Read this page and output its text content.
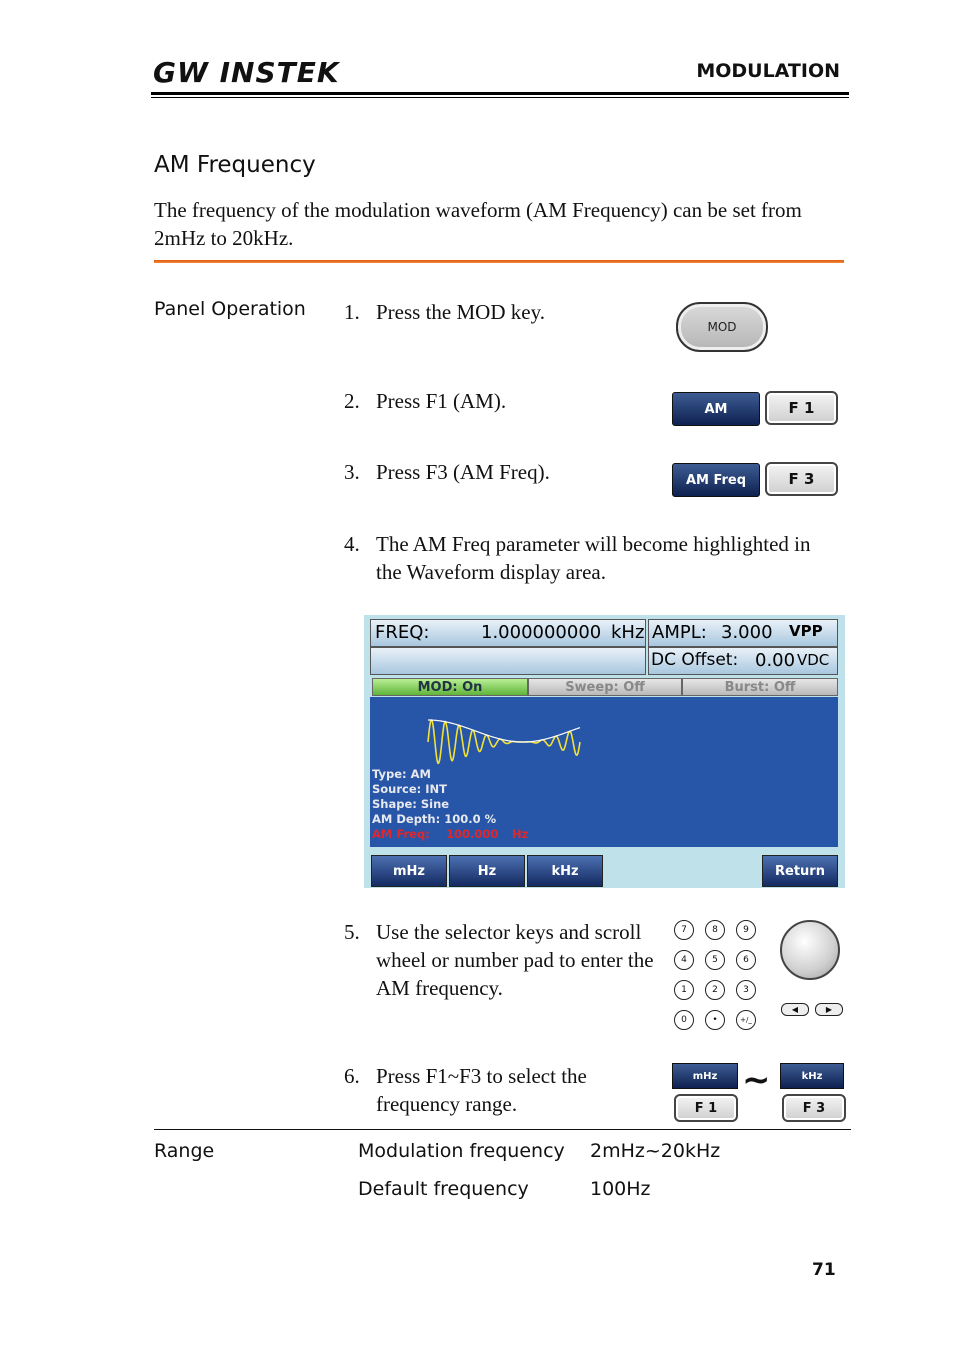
GW INSTEK	MODULATION
AM Frequency
The frequency of the modulation waveform (AM Frequency) can be set from 2mHz to 20kHz.
Panel Operation 1. Press the MOD key.
2. Press F1 (AM).
3. Press F3 (AM Freq).
4. The AM Freq parameter will become highlighted in the Waveform display area.
5. Use the selector keys and scroll wheel or number pad to enter the AM frequency.
6. Press F1~F3 to select the frequency range.
MOD
AM	F 1
AM Freq	F 3
FREQ:	1.000000000 kHz AMPL: 3.000 VPP
DC Offset: 0.00 VDC
MOD: On	Sweep: Off	Burst: Off
Type: AM
Source: INT
Shape: Sine
AM Depth: 100.0 %
AM Freq: 100.000 Hz
mHz	Hz	kHz	Return
7	8	9
4	5	6
1	2	3
0	•	+/_
◀	▶
mHz
F 1
~	kHz
F 3
Range	Modulation frequency 2mHz~20kHz
Default frequency	100Hz
71
